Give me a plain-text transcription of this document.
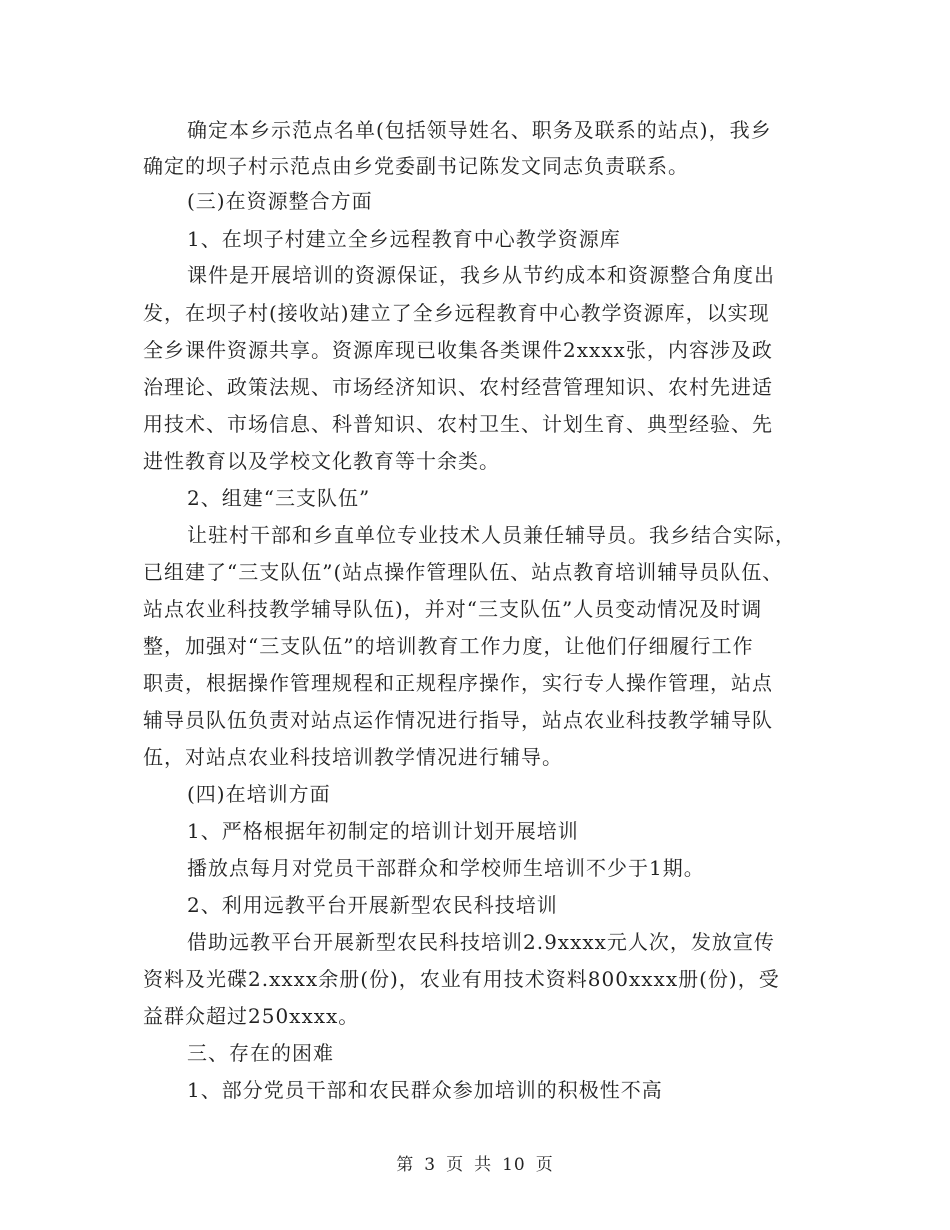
确定本乡示范点名单(包括领导姓名、职务及联系的站点)，我乡
确定的坝子村示范点由乡党委副书记陈发文同志负责联系。
(三)在资源整合方面
1、在坝子村建立全乡远程教育中心教学资源库
课件是开展培训的资源保证，我乡从节约成本和资源整合角度出
发，在坝子村(接收站)建立了全乡远程教育中心教学资源库，以实现
全乡课件资源共享。资源库现已收集各类课件2xxxx张，内容涉及政
治理论、政策法规、市场经济知识、农村经营管理知识、农村先进适
用技术、市场信息、科普知识、农村卫生、计划生育、典型经验、先
进性教育以及学校文化教育等十余类。
2、组建“三支队伍”
让驻村干部和乡直单位专业技术人员兼任辅导员。我乡结合实际，
已组建了“三支队伍”(站点操作管理队伍、站点教育培训辅导员队伍、
站点农业科技教学辅导队伍)，并对“三支队伍”人员变动情况及时调
整，加强对“三支队伍”的培训教育工作力度，让他们仔细履行工作
职责，根据操作管理规程和正规程序操作，实行专人操作管理，站点
辅导员队伍负责对站点运作情况进行指导，站点农业科技教学辅导队
伍，对站点农业科技培训教学情况进行辅导。
(四)在培训方面
1、严格根据年初制定的培训计划开展培训
播放点每月对党员干部群众和学校师生培训不少于1期。
2、利用远教平台开展新型农民科技培训
借助远教平台开展新型农民科技培训2.9xxxx元人次，发放宣传
资料及光碟2.xxxx余册(份)，农业有用技术资料800xxxx册(份)，受
益群众超过250xxxx。
三、存在的困难
1、部分党员干部和农民群众参加培训的积极性不高
第 3 页 共 10 页
